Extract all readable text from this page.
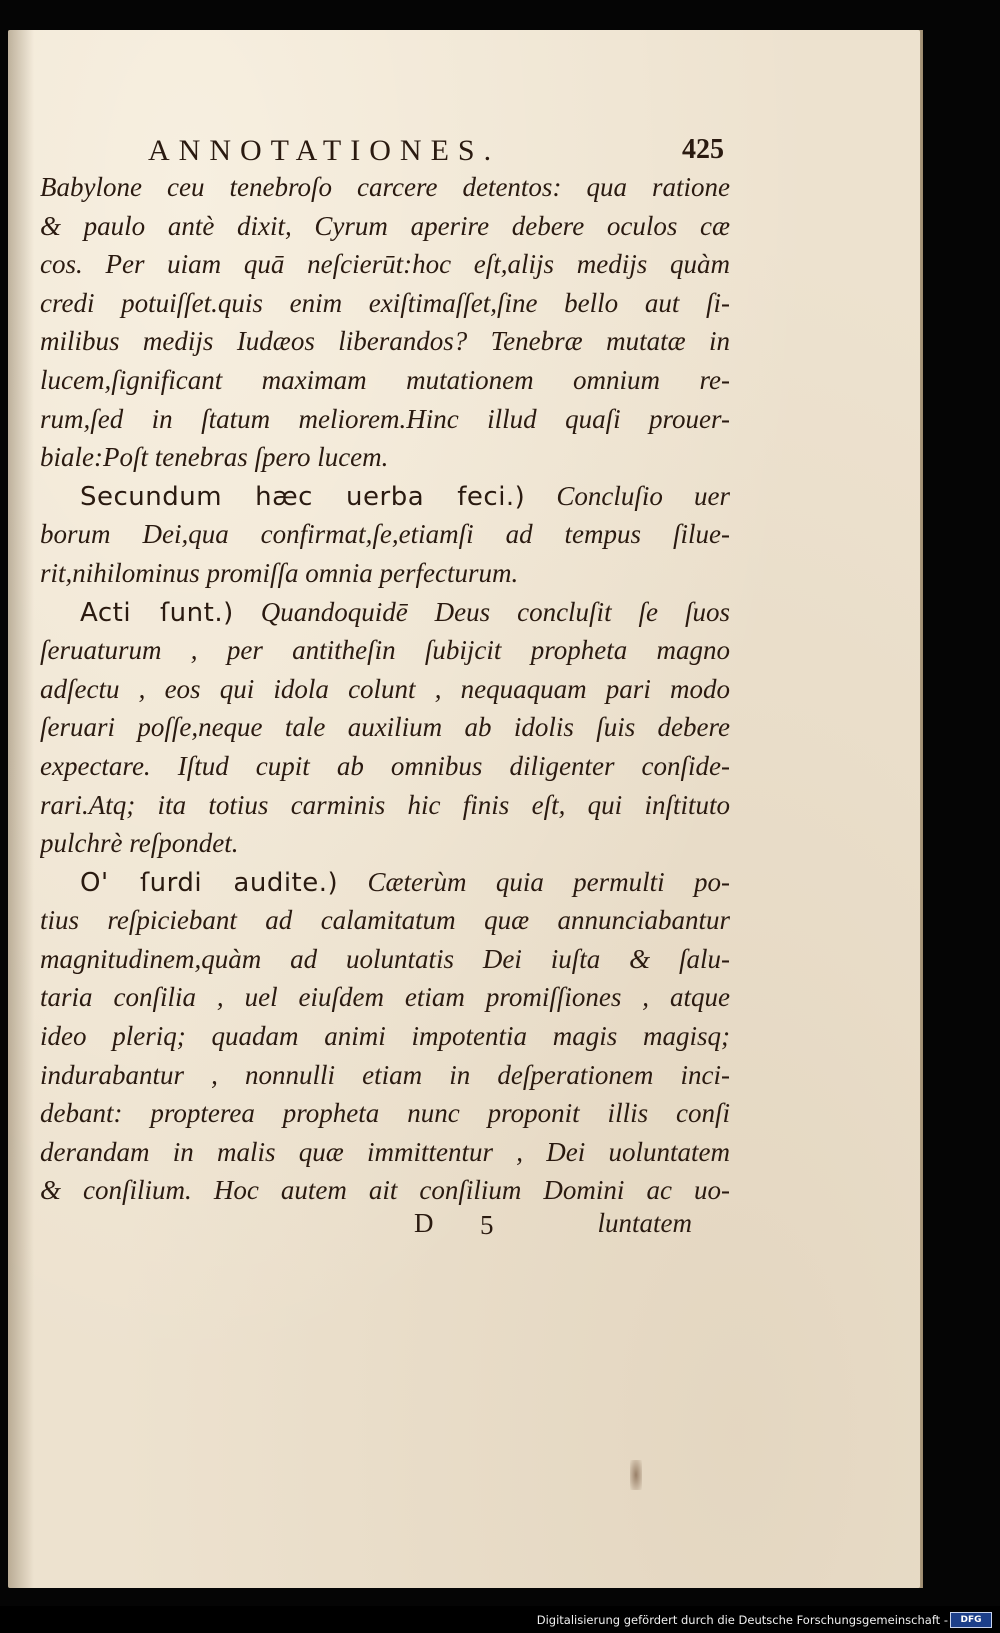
ANNOTATIONES.	425
Babylone ceu tenebroſo carcere detentos: qua ratione
& paulo antè dixit, Cyrum aperire debere oculos cæ
cos. Per uiam quā neſcierūt:hoc eſt,alijs medijs quàm
credi potuiſſet.quis enim exiſtimaſſet,ſine bello aut ſi-
milibus medijs Iudæos liberandos? Tenebræ mutatæ in
lucem,ſignificant maximam mutationem omnium re-
rum,ſed in ſtatum meliorem.Hinc illud quaſi prouer-
biale:Poſt tenebras ſpero lucem.
Secundum hæc uerba feci.) Concluſio uer
borum Dei,qua confirmat,ſe,etiamſi ad tempus ſilue-
rit,nihilominus promiſſa omnia perfecturum.
Acti ſunt.) Quandoquidē Deus concluſit ſe ſuos
ſeruaturum , per antitheſin ſubijcit propheta magno
adſectu , eos qui idola colunt , nequaquam pari modo
ſeruari poſſe,neque tale auxilium ab idolis ſuis debere
expectare. Iſtud cupit ab omnibus diligenter conſide-
rari.Atq; ita totius carminis hic finis eſt, qui inſtituto
pulchrè reſpondet.
O' ſurdi audite.) Cæterùm quia permulti po-
tius reſpiciebant ad calamitatum quæ annunciabantur
magnitudinem,quàm ad uoluntatis Dei iuſta & ſalu-
taria conſilia , uel eiuſdem etiam promiſſiones , atque
ideo pleriq; quadam animi impotentia magis magisq;
indurabantur , nonnulli etiam in deſperationem inci-
debant: propterea propheta nunc proponit illis conſi
derandam in malis quæ immittentur , Dei uoluntatem
& conſilium. Hoc autem ait conſilium Domini ac uo-
D 5	luntatem
Digitalisierung gefördert durch die Deutsche Forschungsgemeinschaft -	DFG
